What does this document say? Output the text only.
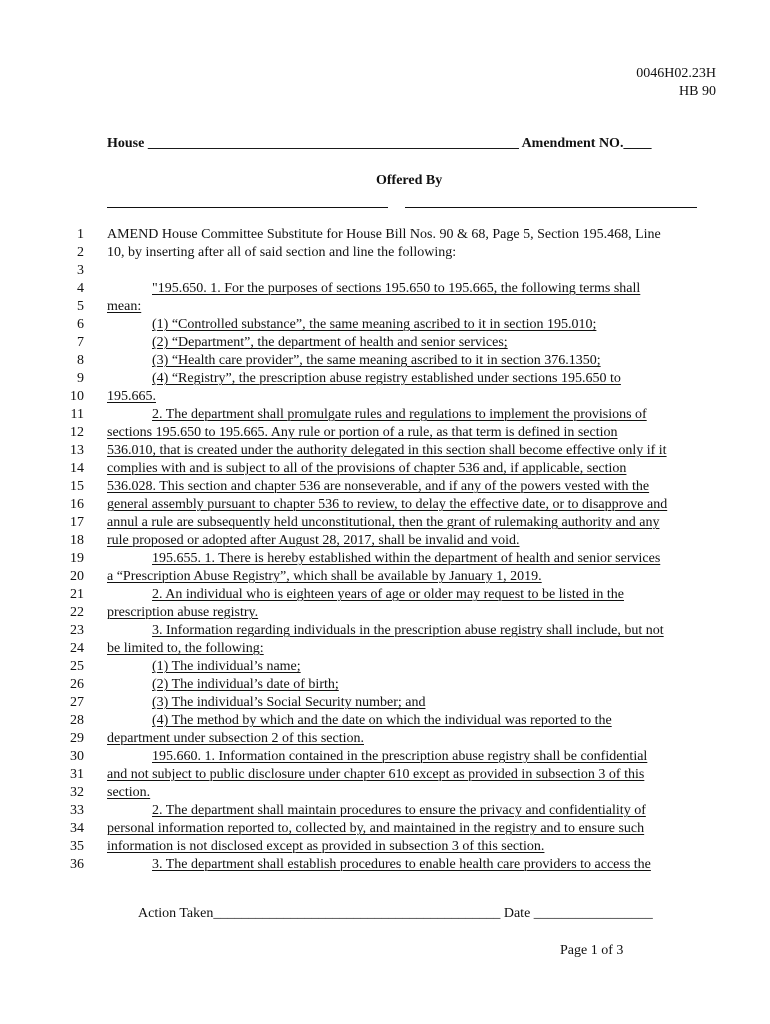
0046H02.23H
HB 90
House _____________________________________________________ Amendment NO.____
Offered By
1 AMEND House Committee Substitute for House Bill Nos. 90 & 68, Page 5, Section 195.468, Line
2 10, by inserting after all of said section and line the following:
3
4	"195.650. 1. For the purposes of sections 195.650 to 195.665, the following terms shall
5 mean:
6	(1) “Controlled substance”, the same meaning ascribed to it in section 195.010;
7	(2) “Department”, the department of health and senior services;
8	(3) “Health care provider”, the same meaning ascribed to it in section 376.1350;
9	(4) “Registry”, the prescription abuse registry established under sections 195.650 to
10 195.665.
11	2. The department shall promulgate rules and regulations to implement the provisions of
12 sections 195.650 to 195.665. Any rule or portion of a rule, as that term is defined in section
13 536.010, that is created under the authority delegated in this section shall become effective only if it
14 complies with and is subject to all of the provisions of chapter 536 and, if applicable, section
15 536.028. This section and chapter 536 are nonseverable, and if any of the powers vested with the
16 general assembly pursuant to chapter 536 to review, to delay the effective date, or to disapprove and
17 annul a rule are subsequently held unconstitutional, then the grant of rulemaking authority and any
18 rule proposed or adopted after August 28, 2017, shall be invalid and void.
19	195.655. 1. There is hereby established within the department of health and senior services
20 a “Prescription Abuse Registry”, which shall be available by January 1, 2019.
21	2. An individual who is eighteen years of age or older may request to be listed in the
22 prescription abuse registry.
23	3. Information regarding individuals in the prescription abuse registry shall include, but not
24 be limited to, the following:
25	(1) The individual’s name;
26	(2) The individual’s date of birth;
27	(3) The individual’s Social Security number; and
28	(4) The method by which and the date on which the individual was reported to the
29 department under subsection 2 of this section.
30	195.660. 1. Information contained in the prescription abuse registry shall be confidential
31 and not subject to public disclosure under chapter 610 except as provided in subsection 3 of this
32 section.
33	2. The department shall maintain procedures to ensure the privacy and confidentiality of
34 personal information reported to, collected by, and maintained in the registry and to ensure such
35 information is not disclosed except as provided in subsection 3 of this section.
36	3. The department shall establish procedures to enable health care providers to access the
Action Taken_________________________________________ Date _________________
Page 1 of 3
